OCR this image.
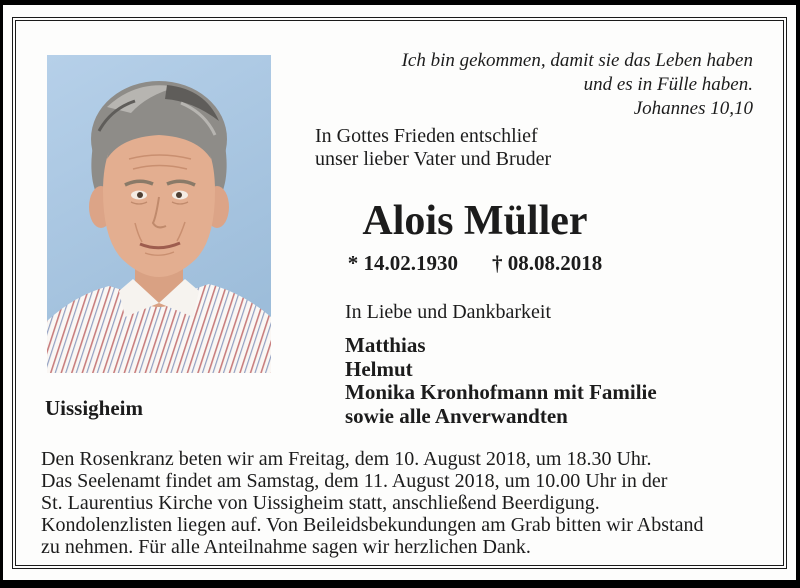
Ich bin gekommen, damit sie das Leben haben
und es in Fülle haben.
Johannes 10,10
In Gottes Frieden entschlief
unser lieber Vater und Bruder
Alois Müller
* 14.02.1930 † 08.08.2018
In Liebe und Dankbarkeit
Matthias
Helmut
Monika Kronhofmann mit Familie
sowie alle Anverwandten
Uissigheim
Den Rosenkranz beten wir am Freitag, dem 10. August 2018, um 18.30 Uhr.
Das Seelenamt findet am Samstag, dem 11. August 2018, um 10.00 Uhr in der
St. Laurentius Kirche von Uissigheim statt, anschließend Beerdigung.
Kondolenzlisten liegen auf. Von Beileidsbekundungen am Grab bitten wir Abstand
zu nehmen. Für alle Anteilnahme sagen wir herzlichen Dank.
